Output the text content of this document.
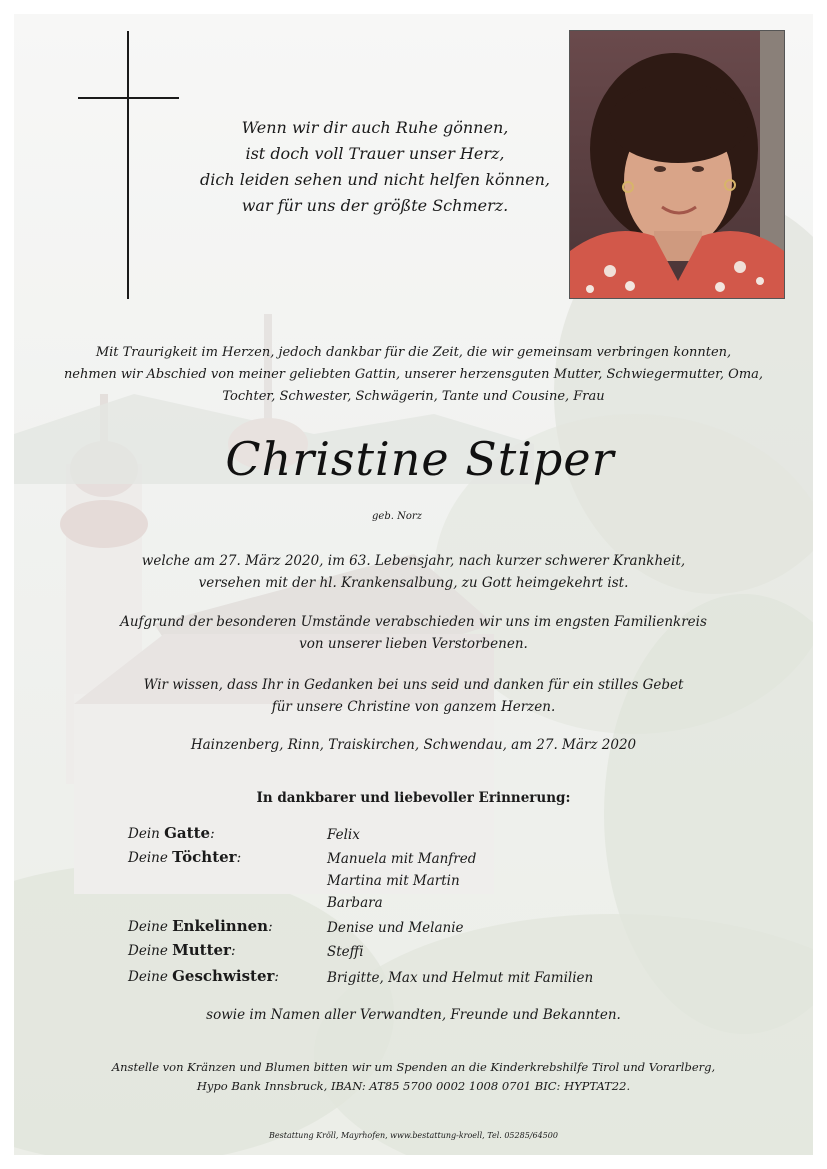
Wenn wir dir auch Ruhe gönnen,
ist doch voll Trauer unser Herz,
dich leiden sehen und nicht helfen können,
war für uns der größte Schmerz.
Mit Traurigkeit im Herzen, jedoch dankbar für die Zeit, die wir gemeinsam verbringen konnten,
nehmen wir Abschied von meiner geliebten Gattin, unserer herzensguten Mutter, Schwiegermutter, Oma,
Tochter, Schwester, Schwägerin, Tante und Cousine, Frau
Christine Stiper
geb. Norz
welche am 27. März 2020, im 63. Lebensjahr, nach kurzer schwerer Krankheit,
versehen mit der hl. Krankensalbung, zu Gott heimgekehrt ist.
Aufgrund der besonderen Umstände verabschieden wir uns im engsten Familienkreis
von unserer lieben Verstorbenen.
Wir wissen, dass Ihr in Gedanken bei uns seid und danken für ein stilles Gebet
für unsere Christine von ganzem Herzen.
Hainzenberg, Rinn, Traiskirchen, Schwendau, am 27. März 2020
In dankbarer und liebevoller Erinnerung:
Dein Gatte:	Felix
Deine Töchter:	Manuela mit Manfred
Martina mit Martin
Barbara
Deine Enkelinnen:	Denise und Melanie
Deine Mutter:	Steffi
Deine Geschwister:	Brigitte, Max und Helmut mit Familien
sowie im Namen aller Verwandten, Freunde und Bekannten.
Anstelle von Kränzen und Blumen bitten wir um Spenden an die Kinderkrebshilfe Tirol und Vorarlberg,
Hypo Bank Innsbruck, IBAN: AT85 5700 0002 1008 0701 BIC: HYPTAT22.
Bestattung Kröll, Mayrhofen, www.bestattung-kroell, Tel. 05285/64500
